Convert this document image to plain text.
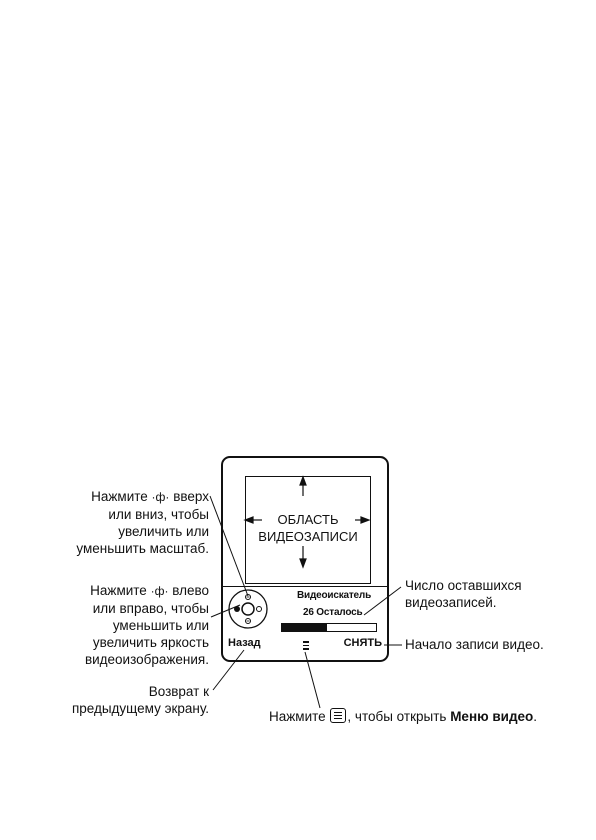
Нажмите ·ф· вверх
или вниз, чтобы
увеличить или
уменьшить масштаб.
Нажмите ·ф· влево
или вправо, чтобы
уменьшить или
увеличить яркость
видеоизображения.
Возврат к
предыдущему экрану.
Число оставшихся
видеозаписей.
Начало записи видео.
Нажмите , чтобы открыть Меню видео.
ОБЛАСТЬ
ВИДЕОЗАПИСИ
Видеоискатель
26 Осталось
Назад	СНЯТЬ
